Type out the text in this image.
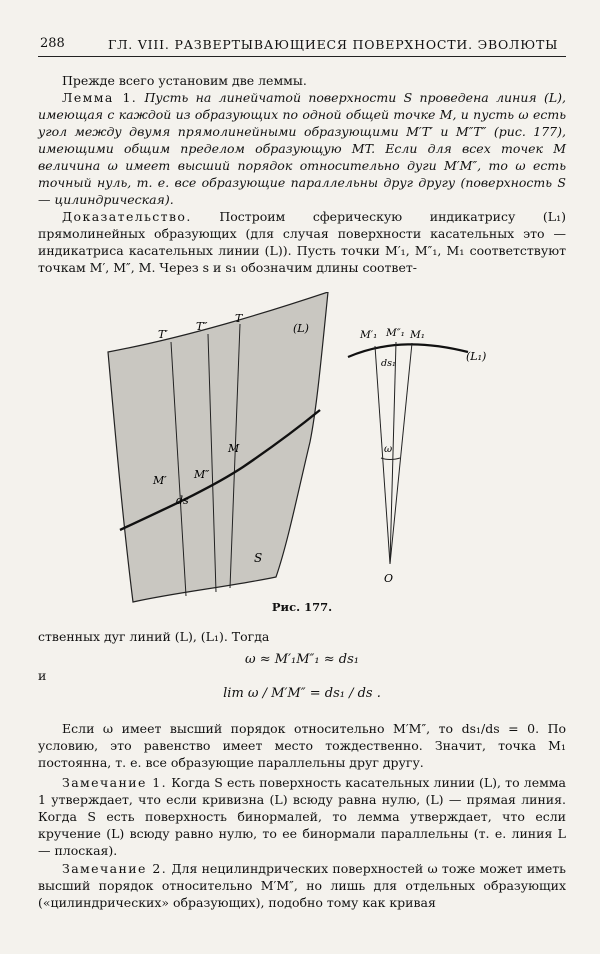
288	ГЛ. VIII. РАЗВЕРТЫВАЮЩИЕСЯ ПОВЕРХНОСТИ. ЭВОЛЮТЫ
Прежде всего установим две леммы.
Лемма 1. Пусть на линейчатой поверхности S проведена линия (L), имеющая с каждой из образующих по одной общей точке M, и пусть ω есть угол между двумя прямолинейными образующими M′T′ и M″T″ (рис. 177), имеющими общим пределом образующую MT. Если для всех точек M величина ω имеет высший порядок относительно дуги M′M″, то ω есть точный нуль, т. е. все образующие параллельны друг другу (поверхность S — цилиндрическая).
Доказательство. Построим сферическую индикатрису (L₁) прямолинейных образующих (для случая поверхности касательных это — индикатриса касательных линии (L)). Пусть точки M′₁, M″₁, M₁ соответствуют точкам M′, M″, M. Через s и s₁ обозначим длины соответ-
T′
T″
T
(L)
M′ M″
M
ds
S
M′₁ M″₁ M₁
ds₁
(L₁)
ω
O
Рис. 177.
ственных дуг линий (L), (L₁). Тогда
ω ≈ M′₁M″₁ ≈ ds₁
и
lim ω / M′M″ = ds₁ / ds .
Если ω имеет высший порядок относительно M′M″, то ds₁/ds = 0. По условию, это равенство имеет место тождественно. Значит, точка M₁ постоянна, т. е. все образующие параллельны друг другу.
Замечание 1. Когда S есть поверхность касательных линии (L), то лемма 1 утверждает, что если кривизна (L) всюду равна нулю, (L) — прямая линия. Когда S есть поверхность бинормалей, то лемма утверждает, что если кручение (L) всюду равно нулю, то ее бинормали параллельны (т. е. линия L — плоская).
Замечание 2. Для нецилиндрических поверхностей ω тоже может иметь высший порядок относительно M′M″, но лишь для отдельных образующих («цилиндрических» образующих), подобно тому как кривая
